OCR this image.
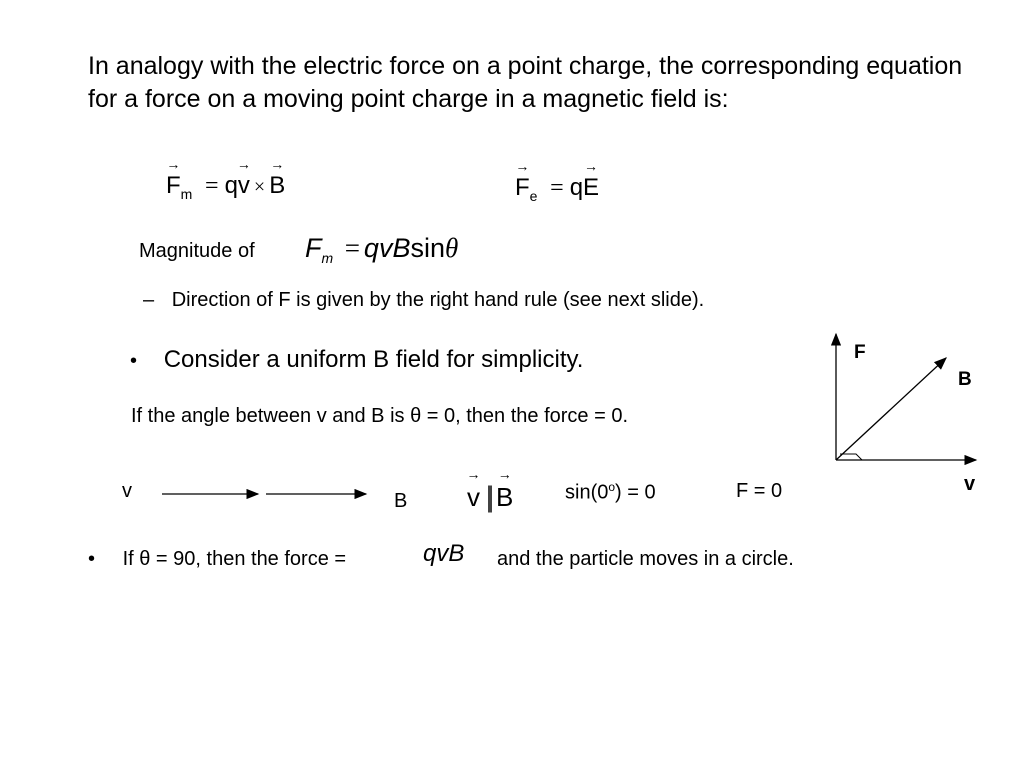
In analogy with the electric force on a point charge, the corresponding equation for a force on a moving point charge in a magnetic field is:
→ $F_m = q\to v \times\to B$
→	$F_e = q\to E$
Magnitude of $F_m = qvBsin\theta$
– Direction of F is given by the right hand rule (see next slide).
• Consider a uniform B field for simplicity.
If the angle between v and B is θ = 0, then the force = 0.
v	B
→ v ||→ B	$\sin(0^o) = 0$	F = 0
• If θ = 90, then the force =	qvB and the particle moves in a circle.
F
B
v
